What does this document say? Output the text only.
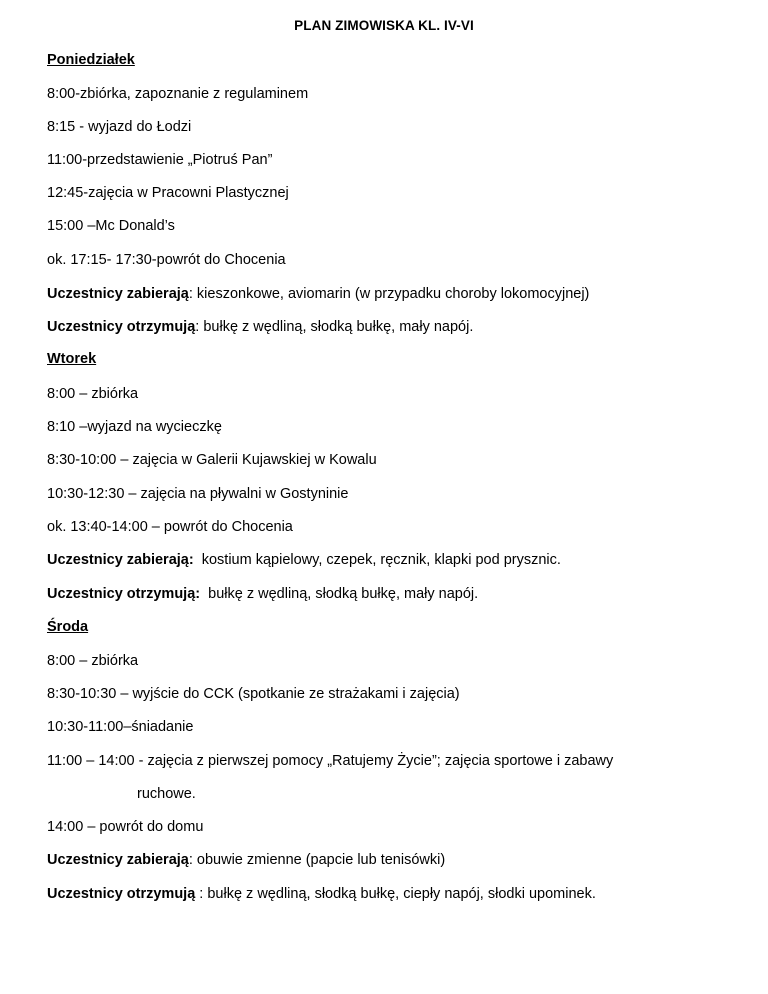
PLAN ZIMOWISKA KL. IV-VI
Poniedziałek
8:00-zbiórka, zapoznanie z regulaminem
8:15 - wyjazd do Łodzi
11:00-przedstawienie „Piotruś Pan”
12:45-zajęcia w Pracowni Plastycznej
15:00 –Mc Donald’s
ok. 17:15- 17:30-powrót do Chocenia
Uczestnicy zabierają: kieszonkowe, aviomarin (w przypadku choroby lokomocyjnej)
Uczestnicy otrzymują: bułkę z wędliną, słodką bułkę, mały napój.
Wtorek
8:00 – zbiórka
8:10 –wyjazd na wycieczkę
8:30-10:00 – zajęcia w Galerii Kujawskiej w Kowalu
10:30-12:30 – zajęcia na pływalni w Gostyninie
ok. 13:40-14:00 – powrót do Chocenia
Uczestnicy zabierają:  kostium kąpielowy, czepek, ręcznik, klapki pod prysznic.
Uczestnicy otrzymują:  bułkę z wędliną, słodką bułkę, mały napój.
Środa
8:00 – zbiórka
8:30-10:30 – wyjście do CCK (spotkanie ze strażakami i zajęcia)
10:30-11:00–śniadanie
11:00 – 14:00 - zajęcia z pierwszej pomocy „Ratujemy Życie”; zajęcia sportowe i zabawy
ruchowe.
14:00 – powrót do domu
Uczestnicy zabierają: obuwie zmienne (papcie lub tenisówki)
Uczestnicy otrzymują : bułkę z wędliną, słodką bułkę, ciepły napój, słodki upominek.
